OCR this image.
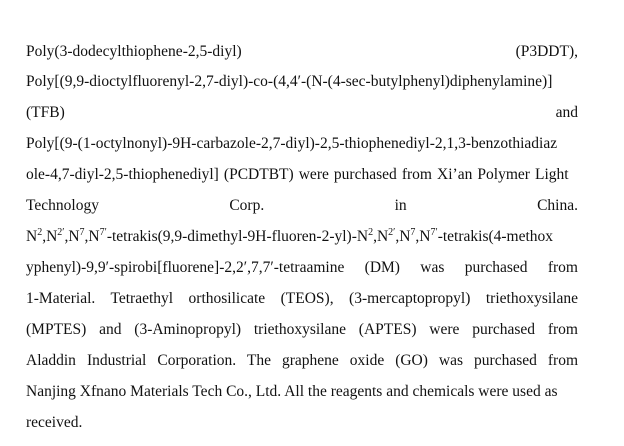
Poly(3-dodecylthiophene-2,5-diyl)	(P3DDT),
Poly[(9,9-dioctylfluorenyl-2,7-diyl)-co-(4,4′-(N-(4-sec-butylphenyl)diphenylamine)]
(TFB)	and
Poly[(9-(1-octylnonyl)-9H-carbazole-2,7-diyl)-2,5-thiophenediyl-2,1,3-benzothiadiaz
ole-4,7-diyl-2,5-thiophenediyl] (PCDTBT) were purchased from Xi’an Polymer Light
Technology	Corp.	in	China.
$N^2,N^{2'},N^7,N^{7'}-tetrakis(9,9-dimethyl-9H-fluoren-2-yl)-N^2,N^{2'},N^7,N^{7'}-tetrakis(4$-methox
yphenyl)-9,9′-spirobi[fluorene]-2,2′,7,7′-tetraamine (DM) was purchased from
1-Material. Tetraethyl orthosilicate (TEOS), (3-mercaptopropyl) triethoxysilane
(MPTES) and (3-Aminopropyl) triethoxysilane (APTES) were purchased from
Aladdin Industrial Corporation. The graphene oxide (GO) was purchased from
Nanjing Xfnano Materials Tech Co., Ltd. All the reagents and chemicals were used as
received.
